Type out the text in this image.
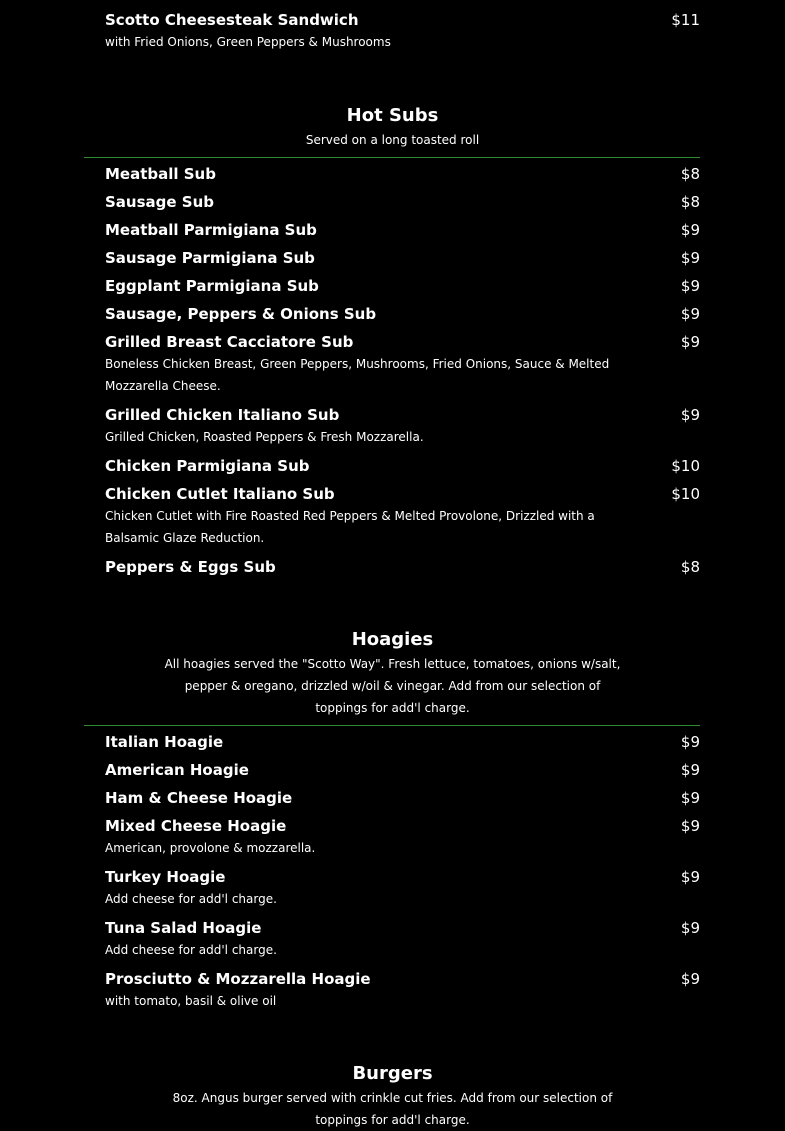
Scotto Cheesesteak Sandwich	$11
with Fried Onions, Green Peppers & Mushrooms
Hot Subs
Served on a long toasted roll
Meatball Sub	$8
Sausage Sub	$8
Meatball Parmigiana Sub	$9
Sausage Parmigiana Sub	$9
Eggplant Parmigiana Sub	$9
Sausage, Peppers & Onions Sub	$9
Grilled Breast Cacciatore Sub	$9
Boneless Chicken Breast, Green Peppers, Mushrooms, Fried Onions, Sauce & Melted Mozzarella Cheese.
Grilled Chicken Italiano Sub	$9
Grilled Chicken, Roasted Peppers & Fresh Mozzarella.
Chicken Parmigiana Sub	$10
Chicken Cutlet Italiano Sub	$10
Chicken Cutlet with Fire Roasted Red Peppers & Melted Provolone, Drizzled with a Balsamic Glaze Reduction.
Peppers & Eggs Sub	$8
Hoagies
All hoagies served the "Scotto Way". Fresh lettuce, tomatoes, onions w/salt, pepper & oregano, drizzled w/oil & vinegar. Add from our selection of toppings for add'l charge.
Italian Hoagie	$9
American Hoagie	$9
Ham & Cheese Hoagie	$9
Mixed Cheese Hoagie	$9
American, provolone & mozzarella.
Turkey Hoagie	$9
Add cheese for add'l charge.
Tuna Salad Hoagie	$9
Add cheese for add'l charge.
Prosciutto & Mozzarella Hoagie	$9
with tomato, basil & olive oil
Burgers
8oz. Angus burger served with crinkle cut fries. Add from our selection of toppings for add'l charge.
